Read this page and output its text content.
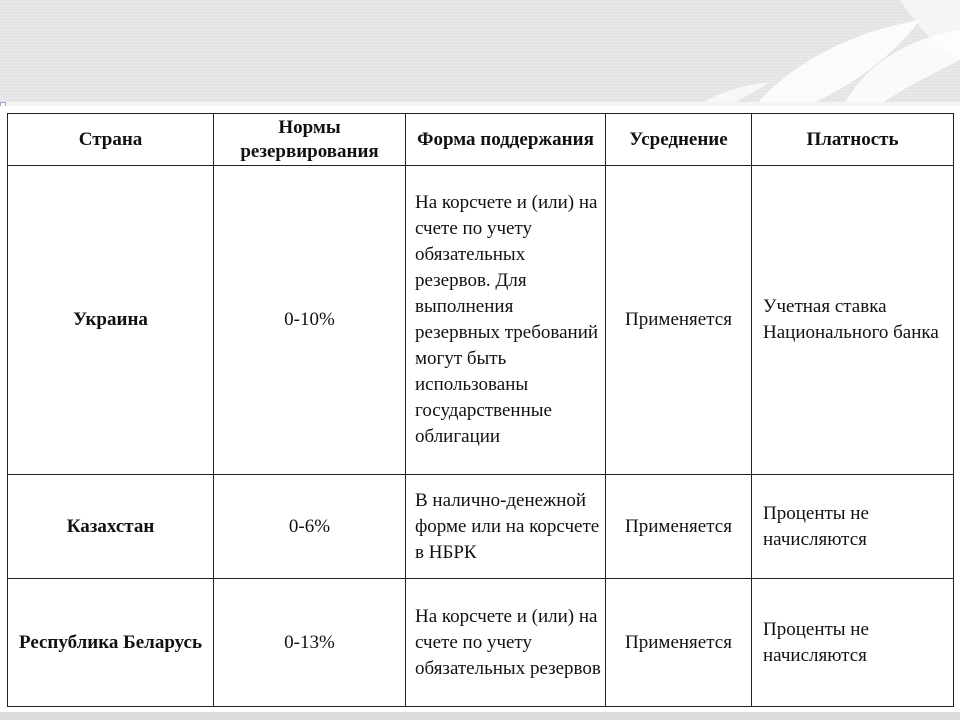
Страна	Нормы резервирования	Форма поддержания	Усреднение	Платность
Украина	0-10%	На корсчете и (или) на счете по учету обязательных резервов. Для выполнения резервных требований могут быть использованы государственные облигации	Применяется	Учетная ставка Национального банка
Казахстан	0-6%	В наличнo-денежной форме или на корсчете в НБРК	Применяется	Проценты не начисляются
Республика Беларусь	0-13%	На корсчете и (или) на счете по учету обязательных резервов	Применяется	Проценты не начисляются
